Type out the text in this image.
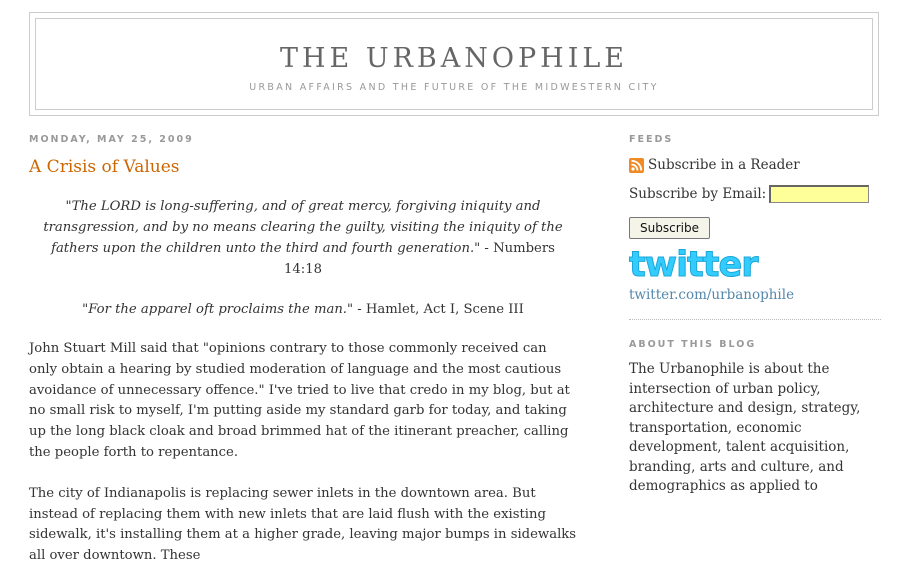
THE URBANOPHILE
URBAN AFFAIRS AND THE FUTURE OF THE MIDWESTERN CITY
MONDAY, MAY 25, 2009
A Crisis of Values

"The LORD is long-suffering, and of great mercy, forgiving iniquity and transgression, and by no means clearing the guilty, visiting the iniquity of the fathers upon the children unto the third and fourth generation." - Numbers 14:18

"For the apparel oft proclaims the man." - Hamlet, Act I, Scene III

John Stuart Mill said that "opinions contrary to those commonly received can only obtain a hearing by studied moderation of language and the most cautious avoidance of unnecessary offence." I've tried to live that credo in my blog, but at no small risk to myself, I'm putting aside my standard garb for today, and taking up the long black cloak and broad brimmed hat of the itinerant preacher, calling the people forth to repentance.

The city of Indianapolis is replacing sewer inlets in the downtown area. But instead of replacing them with new inlets that are laid flush with the existing sidewalk, it's installing them at a higher grade, leaving major bumps in sidewalks all over downtown. These

FEEDS
Subscribe in a Reader
Subscribe by Email:
Subscribe
twitter
twitter.com/urbanophile
ABOUT THIS BLOG
The Urbanophile is about the intersection of urban policy, architecture and design, strategy, transportation, economic development, talent acquisition, branding, arts and culture, and demographics as applied to
